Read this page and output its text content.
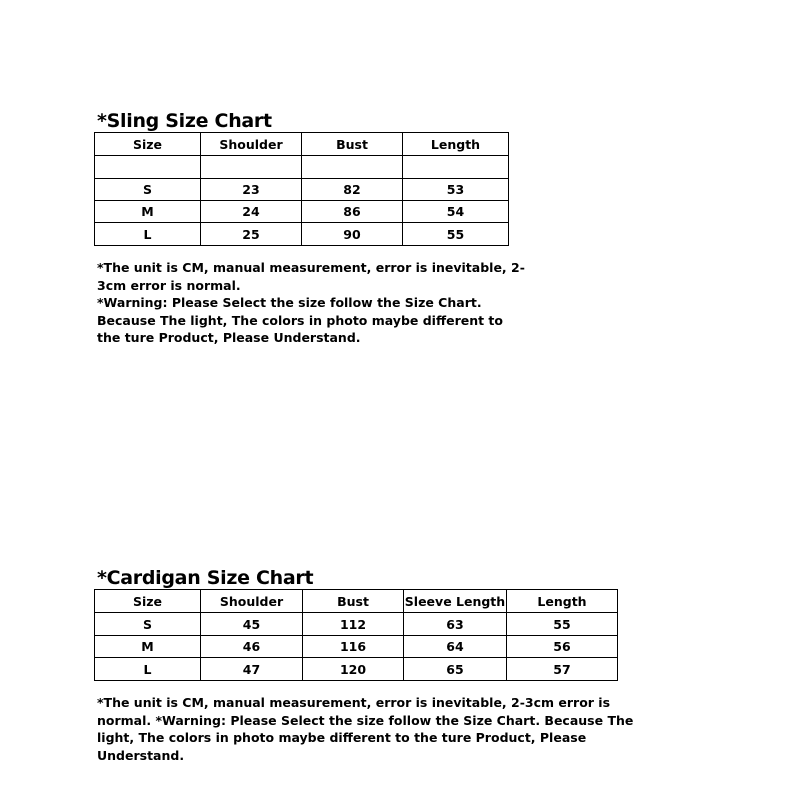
*Sling Size Chart
Size	Shoulder	Bust	Length

S	23	82	53
M	24	86	54
L	25	90	55

*The unit is CM, manual measurement, error is inevitable, 2-

3cm error is normal.

*Warning: Please Select the size follow the Size Chart.

Because The light, The colors in photo maybe different to

the ture Product, Please Understand.

*Cardigan Size Chart
Size	Shoulder	Bust	Sleeve Length	Length
S	45	112	63	55
M	46	116	64	56
L	47	120	65	57

*The unit is CM, manual measurement, error is inevitable, 2-3cm error is

normal. *Warning: Please Select the size follow the Size Chart. Because The

light, The colors in photo maybe different to the ture Product, Please

Understand.
